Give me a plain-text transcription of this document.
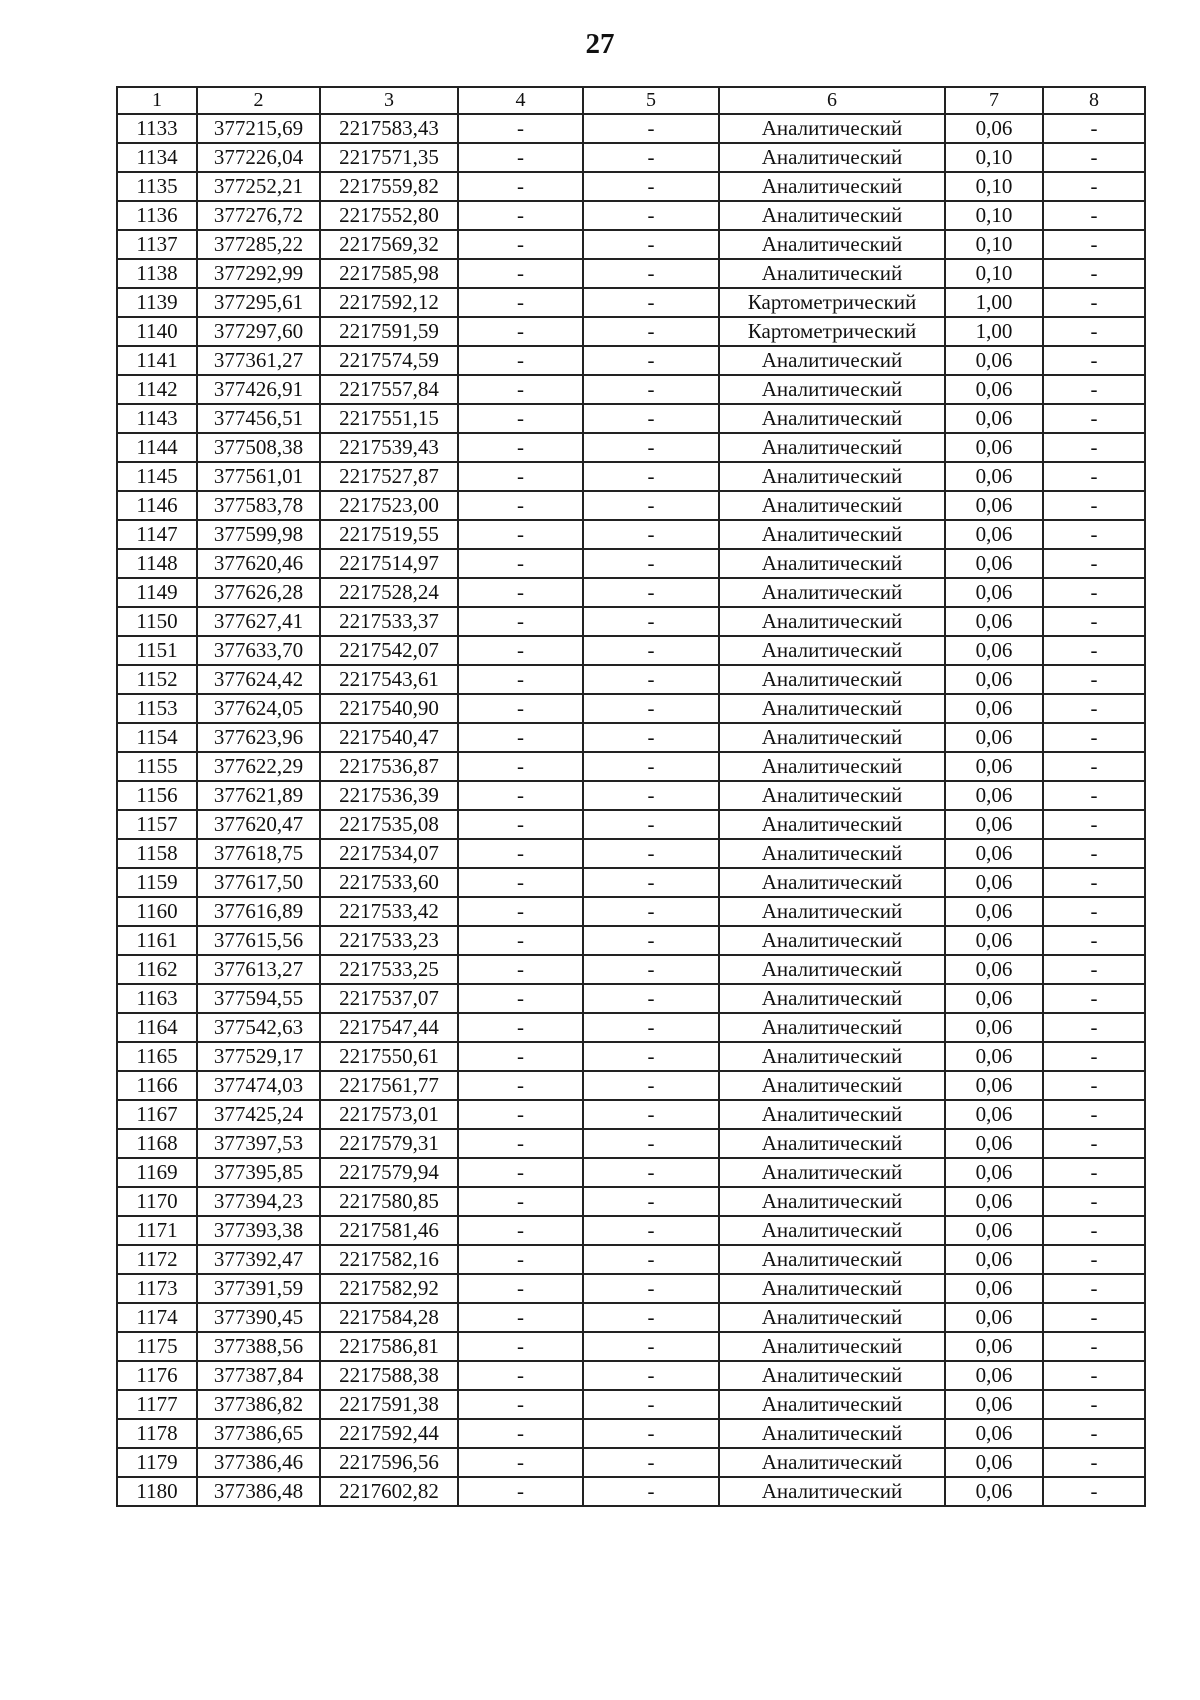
27
1	2	3	4	5	6	7	8
1133	377215,69	2217583,43	-	-	Аналитический	0,06	-
1134	377226,04	2217571,35	-	-	Аналитический	0,10	-
1135	377252,21	2217559,82	-	-	Аналитический	0,10	-
1136	377276,72	2217552,80	-	-	Аналитический	0,10	-
1137	377285,22	2217569,32	-	-	Аналитический	0,10	-
1138	377292,99	2217585,98	-	-	Аналитический	0,10	-
1139	377295,61	2217592,12	-	-	Картометрический	1,00	-
1140	377297,60	2217591,59	-	-	Картометрический	1,00	-
1141	377361,27	2217574,59	-	-	Аналитический	0,06	-
1142	377426,91	2217557,84	-	-	Аналитический	0,06	-
1143	377456,51	2217551,15	-	-	Аналитический	0,06	-
1144	377508,38	2217539,43	-	-	Аналитический	0,06	-
1145	377561,01	2217527,87	-	-	Аналитический	0,06	-
1146	377583,78	2217523,00	-	-	Аналитический	0,06	-
1147	377599,98	2217519,55	-	-	Аналитический	0,06	-
1148	377620,46	2217514,97	-	-	Аналитический	0,06	-
1149	377626,28	2217528,24	-	-	Аналитический	0,06	-
1150	377627,41	2217533,37	-	-	Аналитический	0,06	-
1151	377633,70	2217542,07	-	-	Аналитический	0,06	-
1152	377624,42	2217543,61	-	-	Аналитический	0,06	-
1153	377624,05	2217540,90	-	-	Аналитический	0,06	-
1154	377623,96	2217540,47	-	-	Аналитический	0,06	-
1155	377622,29	2217536,87	-	-	Аналитический	0,06	-
1156	377621,89	2217536,39	-	-	Аналитический	0,06	-
1157	377620,47	2217535,08	-	-	Аналитический	0,06	-
1158	377618,75	2217534,07	-	-	Аналитический	0,06	-
1159	377617,50	2217533,60	-	-	Аналитический	0,06	-
1160	377616,89	2217533,42	-	-	Аналитический	0,06	-
1161	377615,56	2217533,23	-	-	Аналитический	0,06	-
1162	377613,27	2217533,25	-	-	Аналитический	0,06	-
1163	377594,55	2217537,07	-	-	Аналитический	0,06	-
1164	377542,63	2217547,44	-	-	Аналитический	0,06	-
1165	377529,17	2217550,61	-	-	Аналитический	0,06	-
1166	377474,03	2217561,77	-	-	Аналитический	0,06	-
1167	377425,24	2217573,01	-	-	Аналитический	0,06	-
1168	377397,53	2217579,31	-	-	Аналитический	0,06	-
1169	377395,85	2217579,94	-	-	Аналитический	0,06	-
1170	377394,23	2217580,85	-	-	Аналитический	0,06	-
1171	377393,38	2217581,46	-	-	Аналитический	0,06	-
1172	377392,47	2217582,16	-	-	Аналитический	0,06	-
1173	377391,59	2217582,92	-	-	Аналитический	0,06	-
1174	377390,45	2217584,28	-	-	Аналитический	0,06	-
1175	377388,56	2217586,81	-	-	Аналитический	0,06	-
1176	377387,84	2217588,38	-	-	Аналитический	0,06	-
1177	377386,82	2217591,38	-	-	Аналитический	0,06	-
1178	377386,65	2217592,44	-	-	Аналитический	0,06	-
1179	377386,46	2217596,56	-	-	Аналитический	0,06	-
1180	377386,48	2217602,82	-	-	Аналитический	0,06	-
